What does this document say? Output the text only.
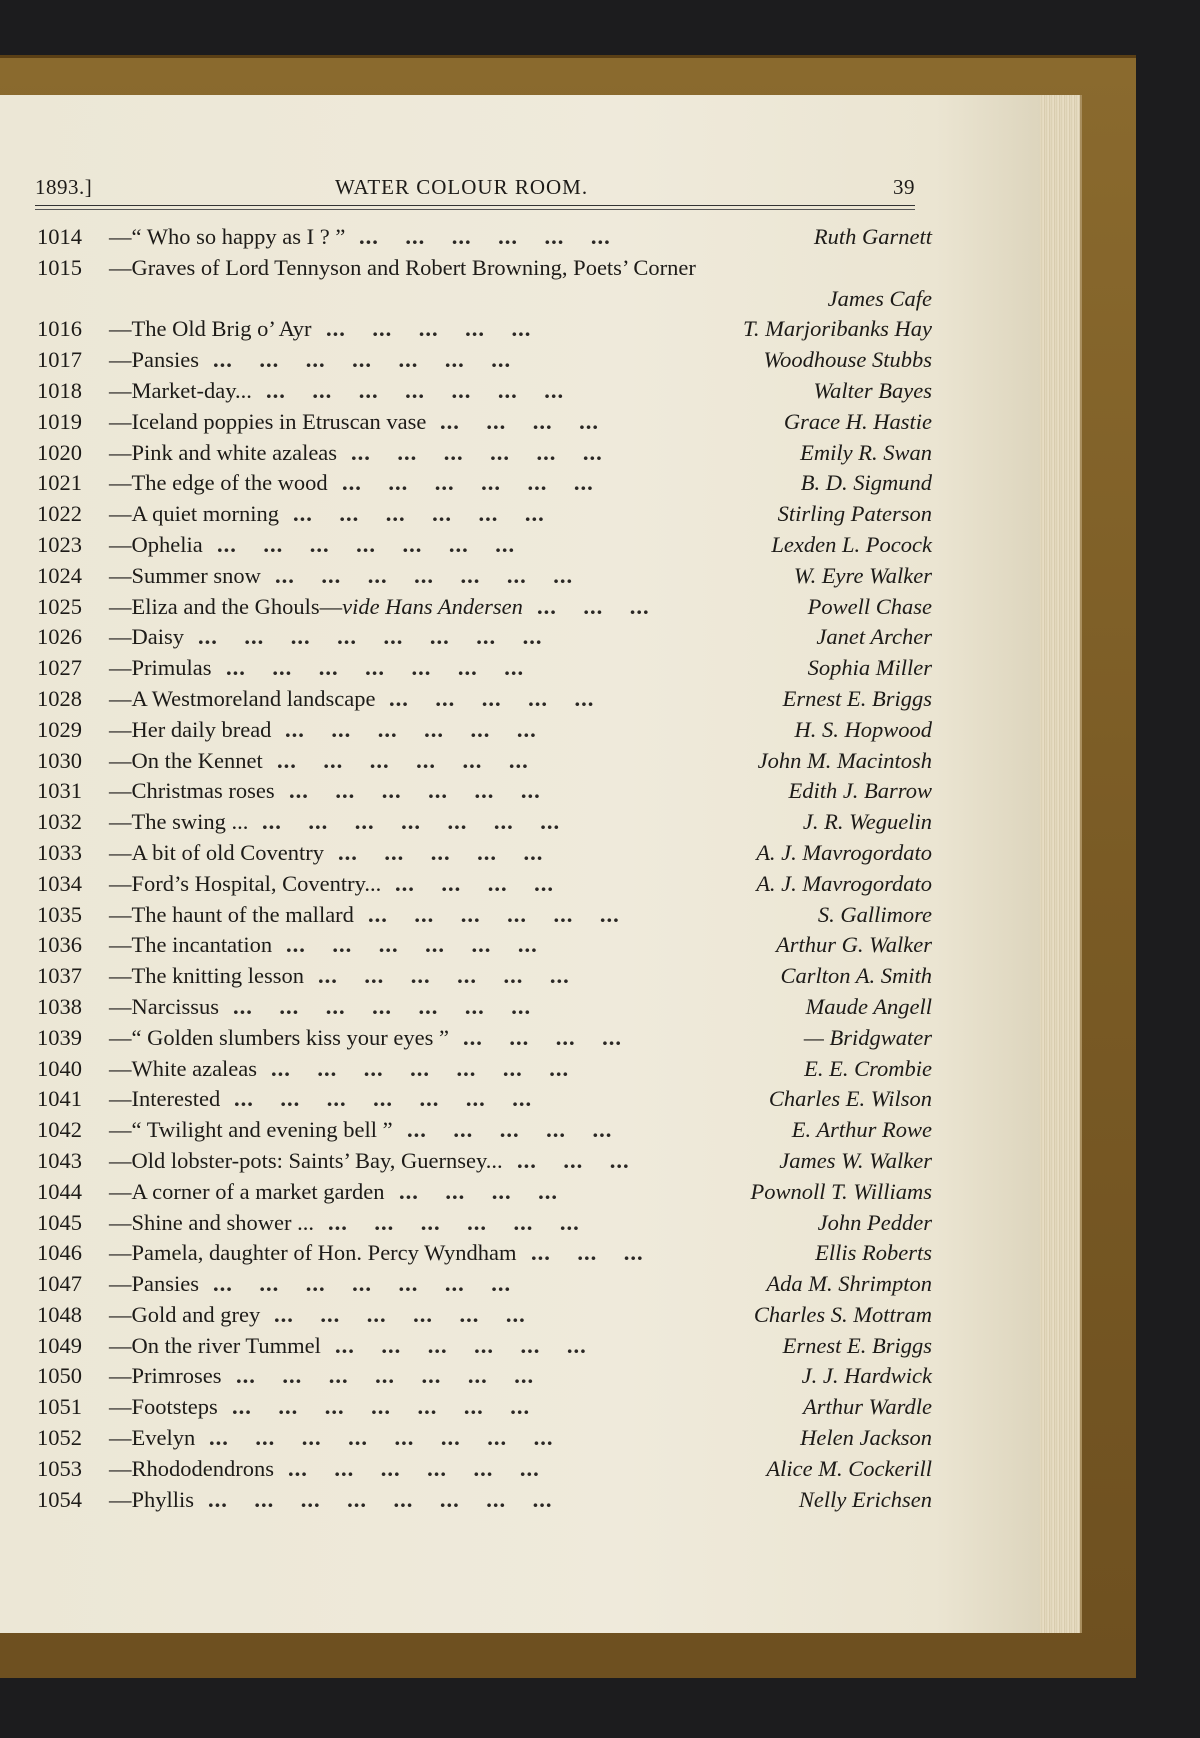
1893.]	WATER COLOUR ROOM.	39
1014 —“ Who so happy as I ? ”	Ruth Garnett
...    ...    ...    ...    ...    ...
1015 —Graves of Lord Tennyson and Robert Browning, Poets’ Corner
James Cafe
1016 —The Old Brig o’ Ayr	T. Marjoribanks Hay
...    ...    ...    ...    ...
1017 —Pansies	Woodhouse Stubbs
...    ...    ...    ...    ...    ...    ...
1018 —Market-day...	Walter Bayes
...    ...    ...    ...    ...    ...    ...
1019 —Iceland poppies in Etruscan vase	Grace H. Hastie
...    ...    ...    ...
1020 —Pink and white azaleas	Emily R. Swan
...    ...    ...    ...    ...    ...
1021 —The edge of the wood	B. D. Sigmund
...    ...    ...    ...    ...    ...
1022 —A quiet morning	Stirling Paterson
...    ...    ...    ...    ...    ...
1023 —Ophelia	Lexden L. Pocock
...    ...    ...    ...    ...    ...    ...
1024 —Summer snow	W. Eyre Walker
...    ...    ...    ...    ...    ...    ...
1025 —Eliza and the Ghouls—vide Hans Andersen	Powell Chase
...    ...    ...
1026 —Daisy	Janet Archer
...    ...    ...    ...    ...    ...    ...    ...
1027 —Primulas	Sophia Miller
...    ...    ...    ...    ...    ...    ...
1028 —A Westmoreland landscape	Ernest E. Briggs
...    ...    ...    ...    ...
1029 —Her daily bread	H. S. Hopwood
...    ...    ...    ...    ...    ...
1030 —On the Kennet	John M. Macintosh
...    ...    ...    ...    ...    ...
1031 —Christmas roses	Edith J. Barrow
...    ...    ...    ...    ...    ...
1032 —The swing ...	J. R. Weguelin
...    ...    ...    ...    ...    ...    ...
1033 —A bit of old Coventry	A. J. Mavrogordato
...    ...    ...    ...    ...
1034 —Ford’s Hospital, Coventry...	A. J. Mavrogordato
...    ...    ...    ...
1035 —The haunt of the mallard	S. Gallimore
...    ...    ...    ...    ...    ...
1036 —The incantation	Arthur G. Walker
...    ...    ...    ...    ...    ...
1037 —The knitting lesson	Carlton A. Smith
...    ...    ...    ...    ...    ...
1038 —Narcissus	Maude Angell
...    ...    ...    ...    ...    ...    ...
1039 —“ Golden slumbers kiss your eyes ”	— Bridgwater
...    ...    ...    ...
1040 —White azaleas	E. E. Crombie
...    ...    ...    ...    ...    ...    ...
1041 —Interested	Charles E. Wilson
...    ...    ...    ...    ...    ...    ...
1042 —“ Twilight and evening bell ”	E. Arthur Rowe
...    ...    ...    ...    ...
1043 —Old lobster-pots: Saints’ Bay, Guernsey...	James W. Walker
...    ...    ...
1044 —A corner of a market garden	Pownoll T. Williams
...    ...    ...    ...
1045 —Shine and shower ...	John Pedder
...    ...    ...    ...    ...    ...
1046 —Pamela, daughter of Hon. Percy Wyndham	Ellis Roberts
...    ...    ...
1047 —Pansies	Ada M. Shrimpton
...    ...    ...    ...    ...    ...    ...
1048 —Gold and grey	Charles S. Mottram
...    ...    ...    ...    ...    ...
1049 —On the river Tummel	Ernest E. Briggs
...    ...    ...    ...    ...    ...
1050 —Primroses	J. J. Hardwick
...    ...    ...    ...    ...    ...    ...
1051 —Footsteps	Arthur Wardle
...    ...    ...    ...    ...    ...    ...
1052 —Evelyn	Helen Jackson
...    ...    ...    ...    ...    ...    ...    ...
1053 —Rhododendrons	Alice M. Cockerill
...    ...    ...    ...    ...    ...
1054 —Phyllis	Nelly Erichsen
...    ...    ...    ...    ...    ...    ...    ...
